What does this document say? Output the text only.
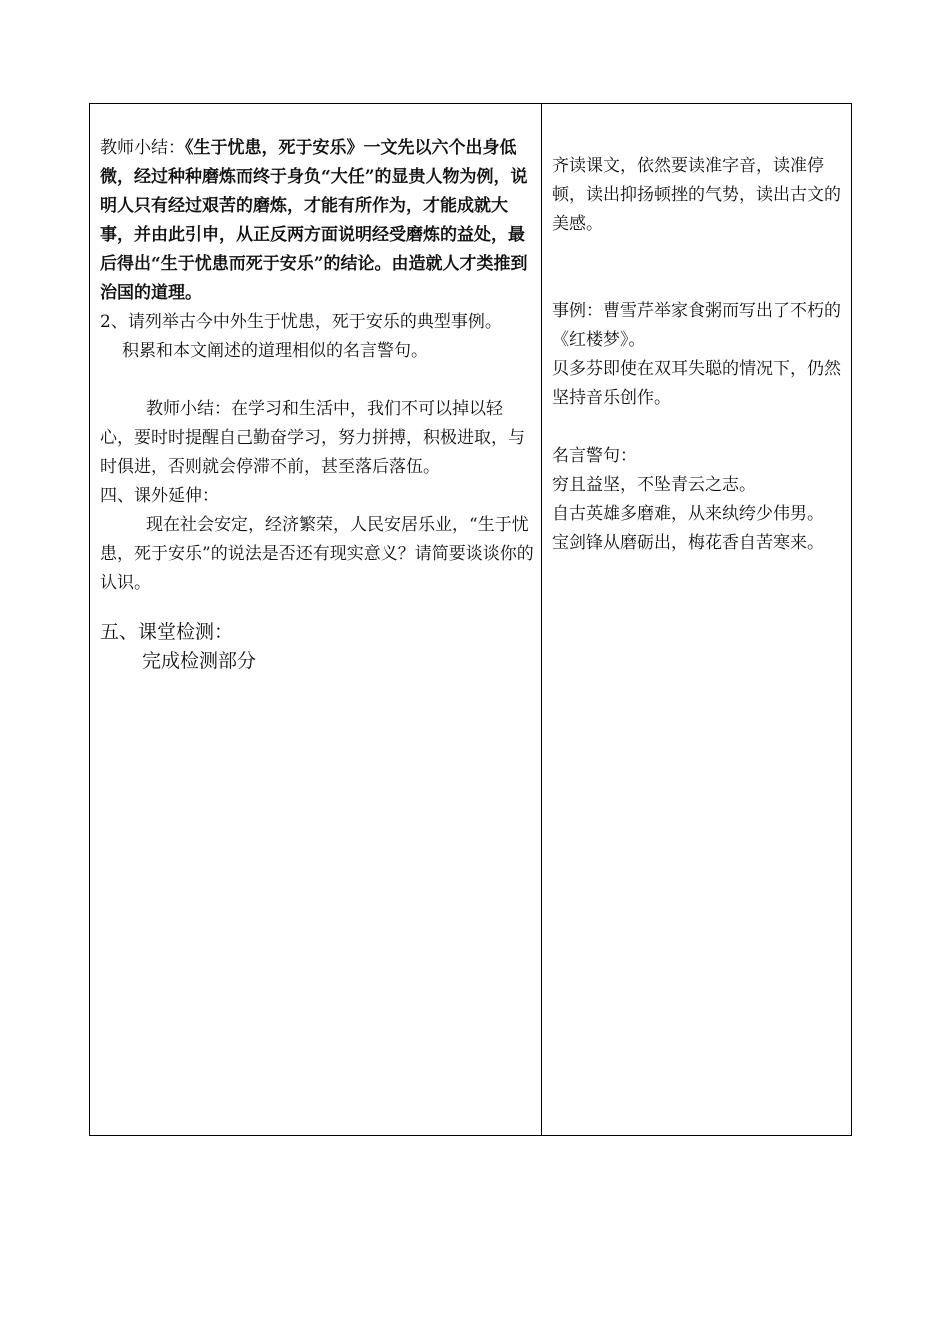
教师小结：《生于忧患，死于安乐》一文先以六个出身低微，经过种种磨炼而终于身负“大任”的显贵人物为例，说明人只有经过艰苦的磨炼，才能有所作为，才能成就大事，并由此引申，从正反两方面说明经受磨炼的益处，最后得出“生于忧患而死于安乐”的结论。由造就人才类推到治国的道理。

2、请列举古今中外生于忧患，死于安乐的典型事例。

积累和本文阐述的道理相似的名言警句。

教师小结：在学习和生活中，我们不可以掉以轻心，要时时提醒自己勤奋学习，努力拼搏，积极进取，与时俱进，否则就会停滞不前，甚至落后落伍。

四、课外延伸：

现在社会安定，经济繁荣，人民安居乐业，“生于忧患，死于安乐”的说法是否还有现实意义？请简要谈谈你的认识。

五、课堂检测：

完成检测部分

齐读课文，依然要读准字音，读准停顿，读出抑扬顿挫的气势，读出古文的美感。

事例：曹雪芹举家食粥而写出了不朽的《红楼梦》。

贝多芬即使在双耳失聪的情况下，仍然坚持音乐创作。

名言警句：

穷且益坚，不坠青云之志。

自古英雄多磨难，从来纨绔少伟男。

宝剑锋从磨砺出，梅花香自苦寒来。
